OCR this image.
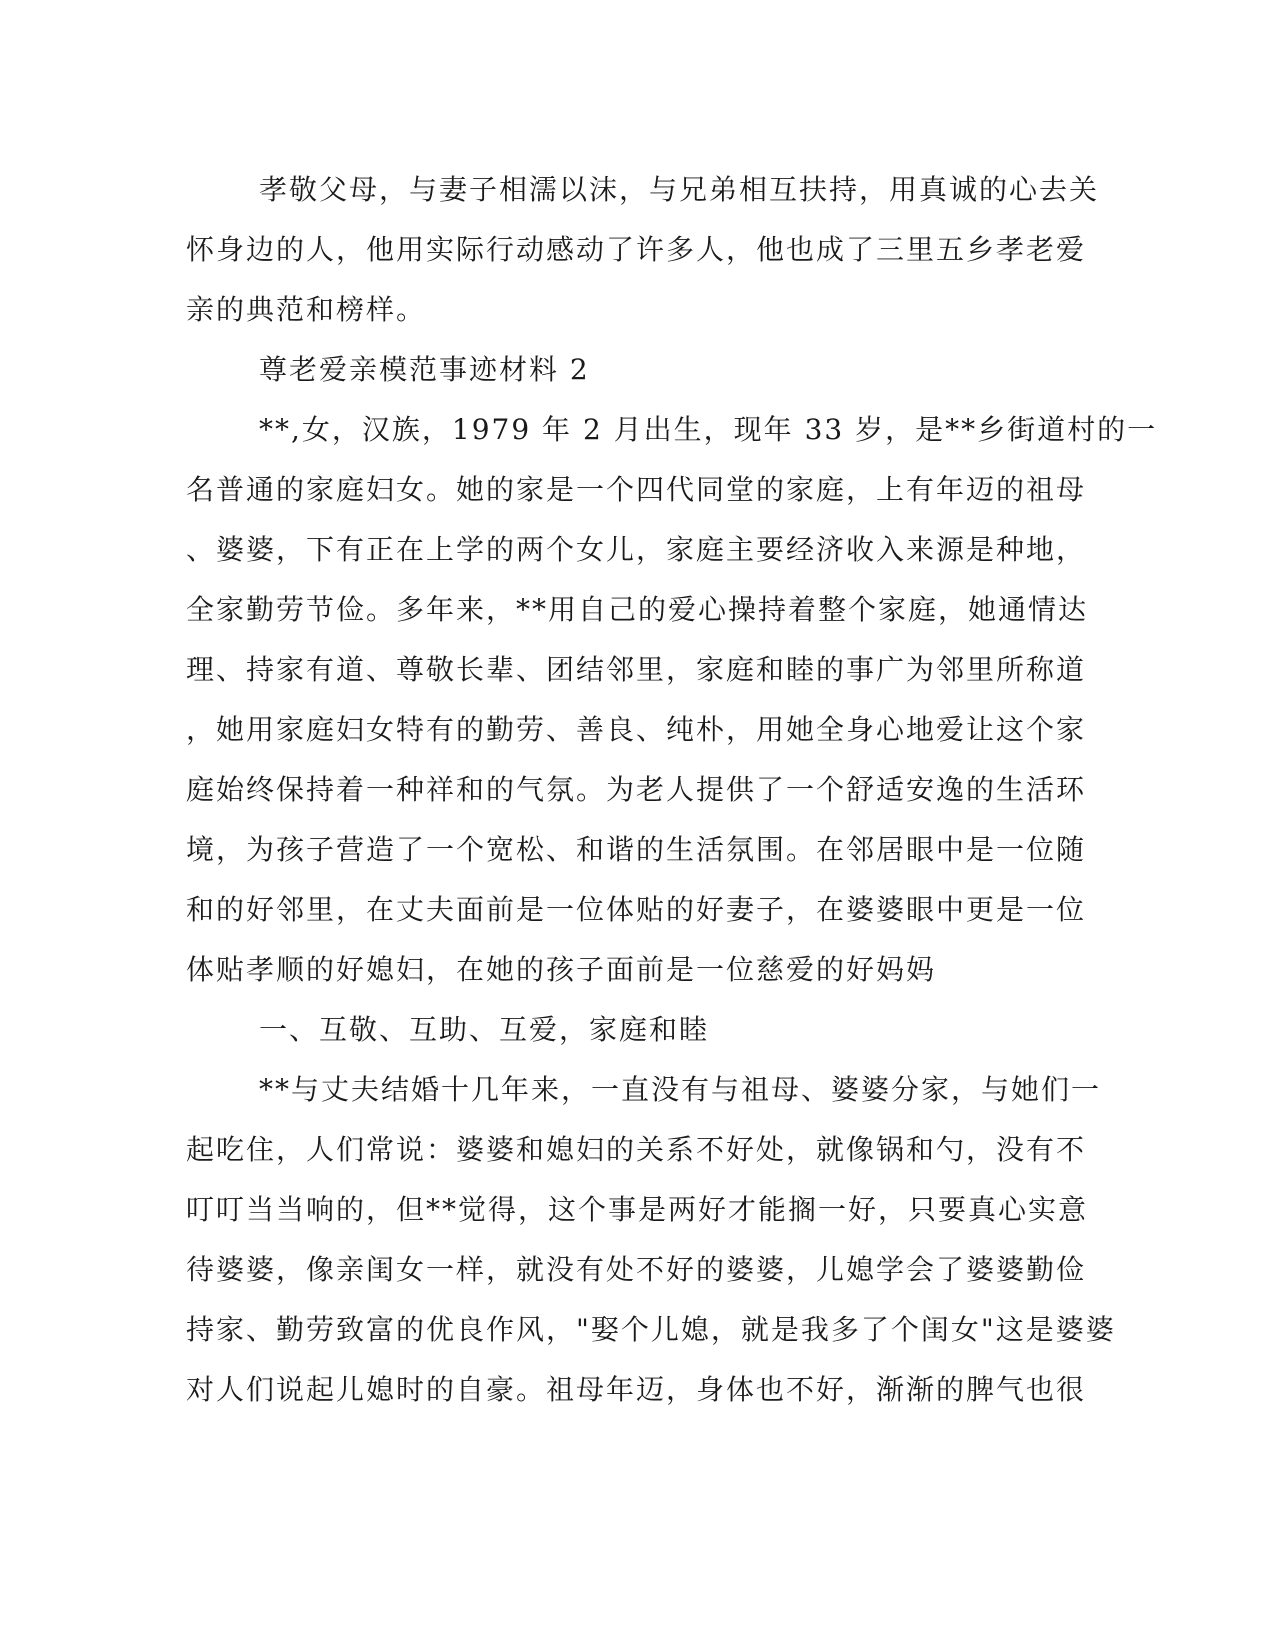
孝敬父母，与妻子相濡以沫，与兄弟相互扶持，用真诚的心去关
怀身边的人，他用实际行动感动了许多人，他也成了三里五乡孝老爱
亲的典范和榜样。
尊老爱亲模范事迹材料 2
**,女，汉族，1979 年 2 月出生，现年 33 岁，是**乡街道村的一
名普通的家庭妇女。她的家是一个四代同堂的家庭，上有年迈的祖母
、婆婆，下有正在上学的两个女儿，家庭主要经济收入来源是种地，
全家勤劳节俭。多年来，**用自己的爱心操持着整个家庭，她通情达
理、持家有道、尊敬长辈、团结邻里，家庭和睦的事广为邻里所称道
，她用家庭妇女特有的勤劳、善良、纯朴，用她全身心地爱让这个家
庭始终保持着一种祥和的气氛。为老人提供了一个舒适安逸的生活环
境，为孩子营造了一个宽松、和谐的生活氛围。在邻居眼中是一位随
和的好邻里，在丈夫面前是一位体贴的好妻子，在婆婆眼中更是一位
体贴孝顺的好媳妇，在她的孩子面前是一位慈爱的好妈妈
一、互敬、互助、互爱，家庭和睦
**与丈夫结婚十几年来，一直没有与祖母、婆婆分家，与她们一
起吃住，人们常说：婆婆和媳妇的关系不好处，就像锅和勺，没有不
叮叮当当响的，但**觉得，这个事是两好才能搁一好，只要真心实意
待婆婆，像亲闺女一样，就没有处不好的婆婆，儿媳学会了婆婆勤俭
持家、勤劳致富的优良作风，"娶个儿媳，就是我多了个闺女"这是婆婆
对人们说起儿媳时的自豪。祖母年迈，身体也不好，渐渐的脾气也很
